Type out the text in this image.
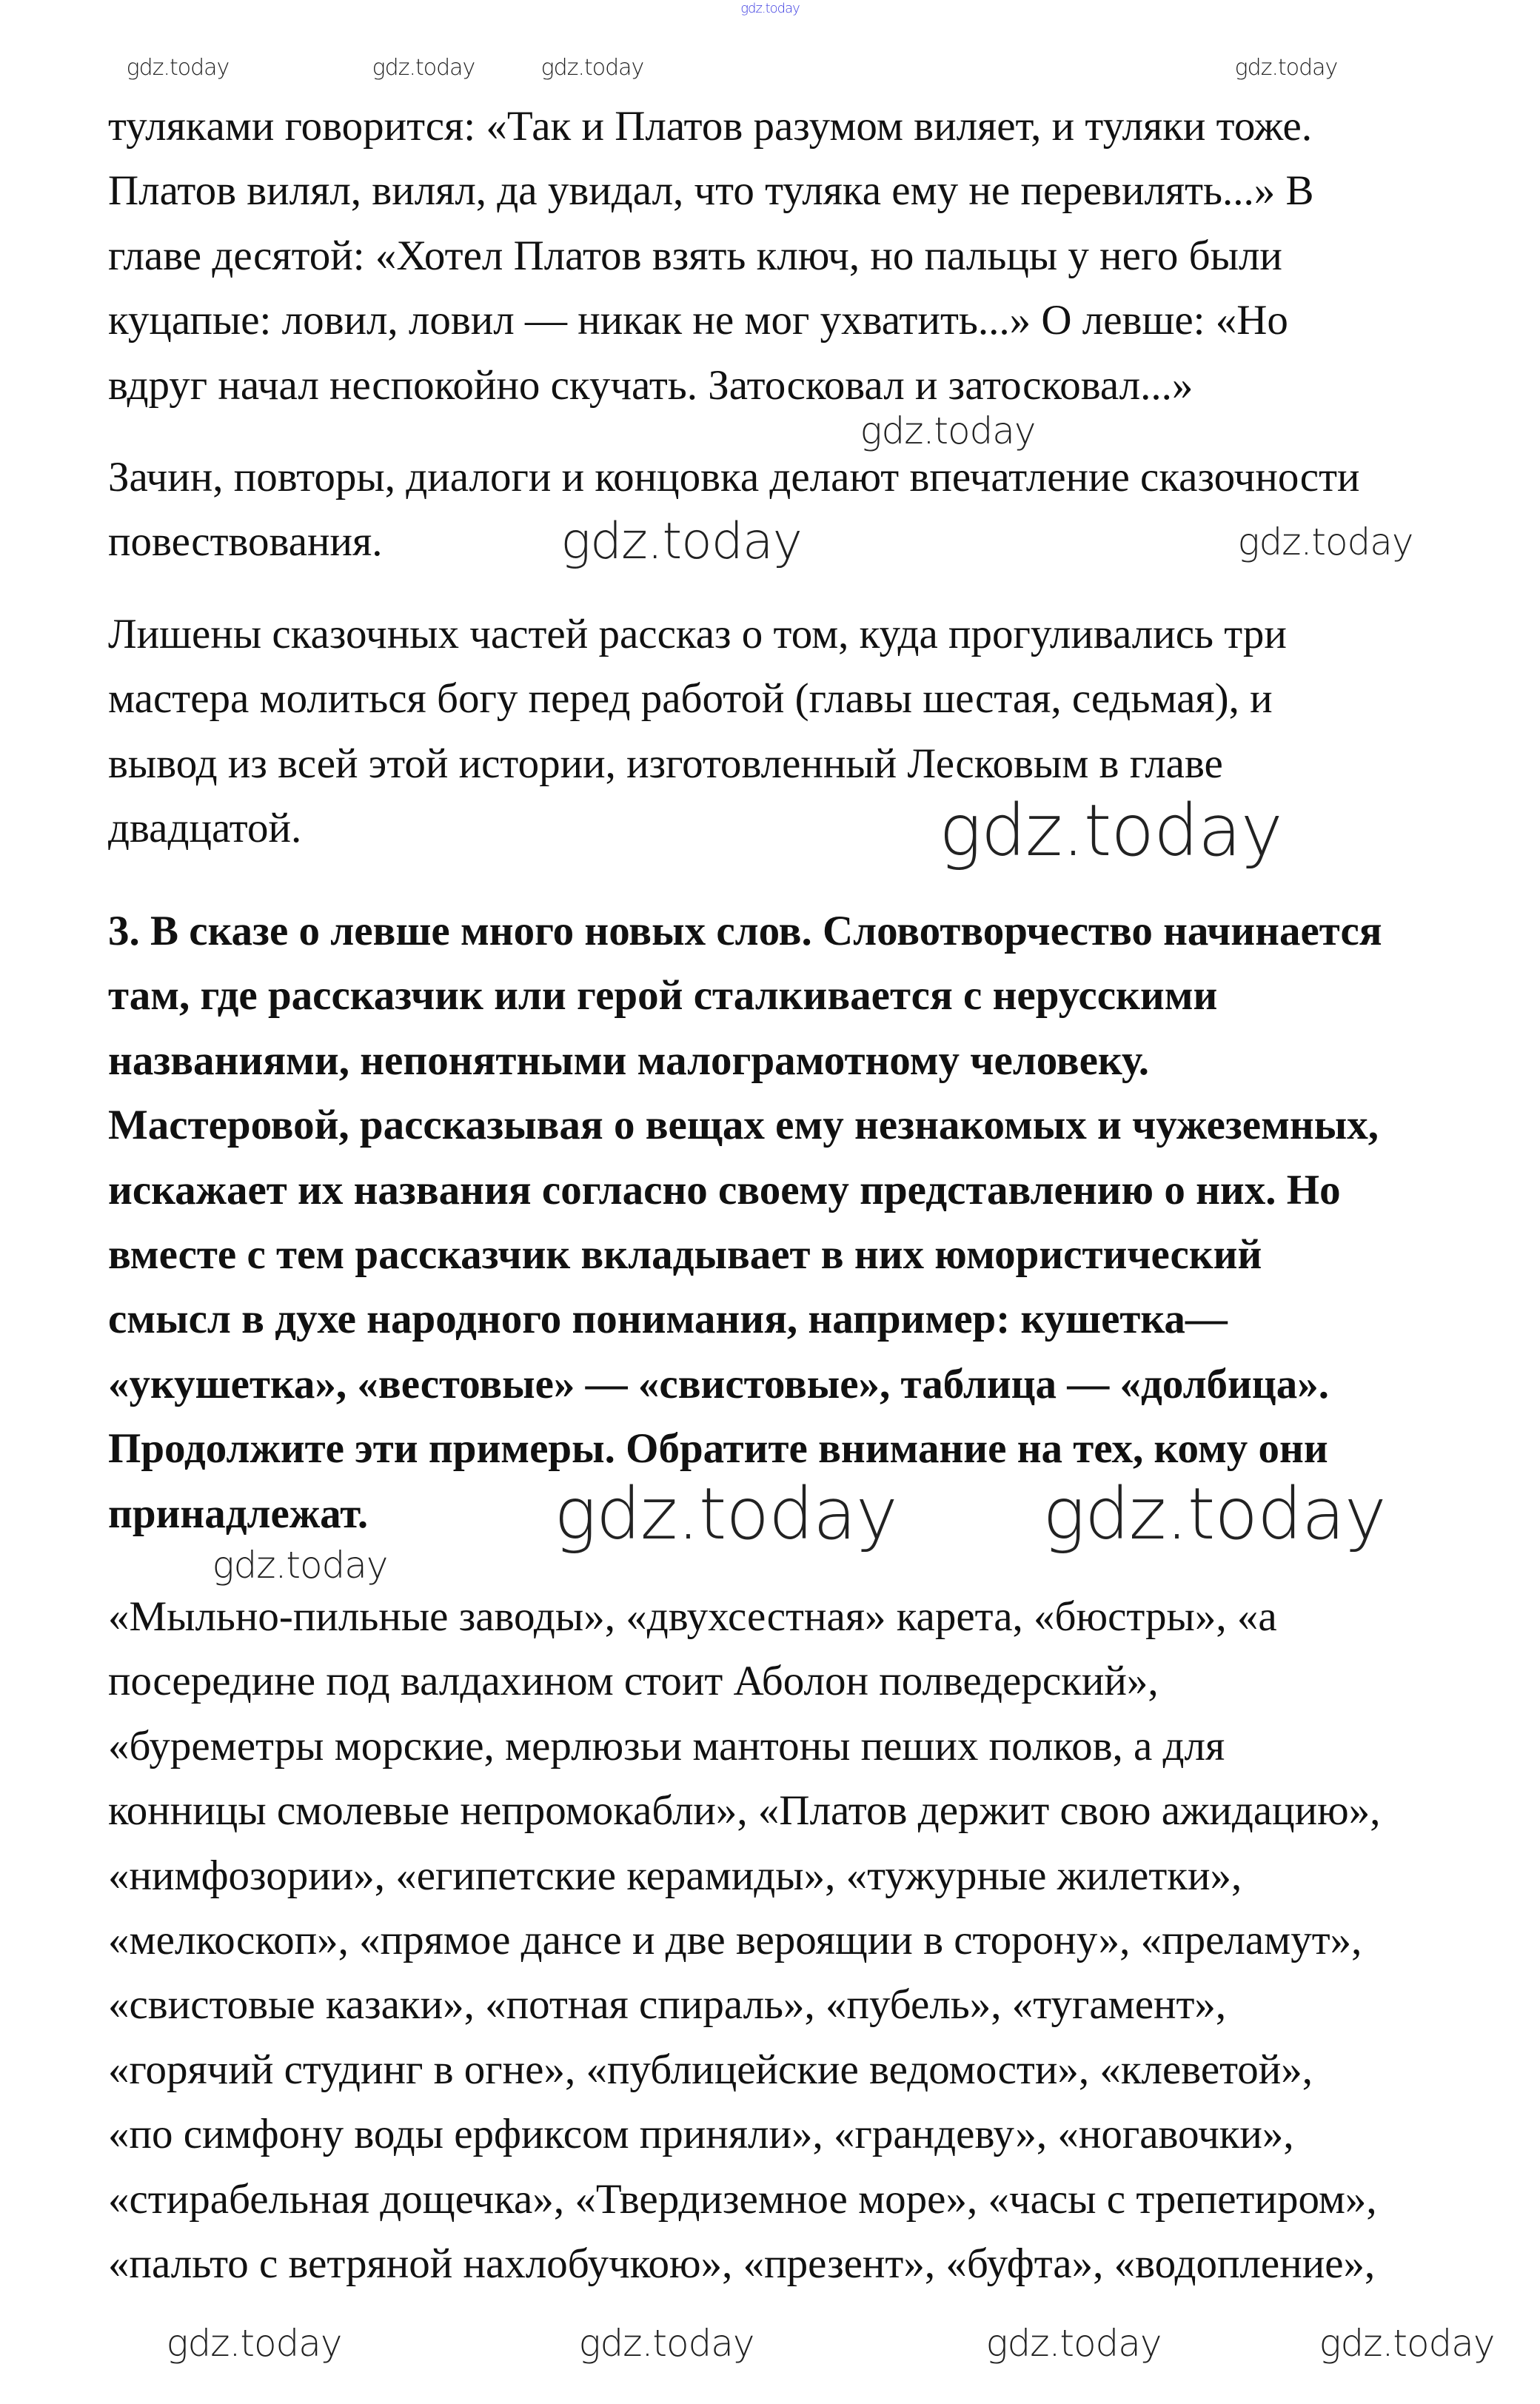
тулякaми говорится: «Так и Платов разумом виляет, и туляки тоже.
Платов вилял, вилял, да увидал, что туляка ему не перевилять...» В
главе десятой: «Хотел Платов взять ключ, но пальцы у него были
куцапые: ловил, ловил — никак не мог ухватить...» О левше: «Но
вдруг начал неспокойно скучать. Затосковал и затосковал...»
Зачин, повторы, диалоги и концовка делают впечатление сказочности
повествования.
Лишены сказочных частей рассказ о том, куда прогуливались три
мастера молиться богу перед работой (главы шестая, седьмая), и
вывод из всей этой истории, изготовленный Лесковым в главе
двадцатой.
3. В сказе о левше много новых слов. Словотворчество начинается
там, где рассказчик или герой сталкивается с нерусскими
названиями, непонятными малограмотному человеку.
Мастеровой, рассказывая о вещах ему незнакомых и чужеземных,
искажает их названия согласно своему представлению о них. Но
вместе с тем рассказчик вкладывает в них юмористический
смысл в духе народного понимания, например: кушетка—
«укушетка», «вестовые» — «свистовые», таблица — «долбица».
Продолжите эти примеры. Обратите внимание на тех, кому они
принадлежат.
«Мыльно-пильные заводы», «двухсестная» карета, «бюстры», «а
посередине под валдахином стоит Аболон полведерский»,
«буреметры морские, мерлюзьи мантоны пеших полков, а для
конницы смолевые непромокабли», «Платов держит свою ажидацию»,
«нимфозории», «египетские керамиды», «тужурные жилетки»,
«мелкоскоп», «прямое дансе и две вероящии в сторону», «преламут»,
«свистовые казаки», «потная спираль», «пубель», «тугамент»,
«горячий студинг в огне», «публицейские ведомости», «клеветой»,
«по симфону воды ерфиксом приняли», «грандеву», «ногавочки»,
«стирабельная дощечка», «Твердиземное море», «часы с трепетиром»,
«пальто с ветряной нахлобучкою», «презент», «буфта», «водопление»,
gdz.today
gdz.today	gdz.today	gdz.today	gdz.today
gdz.today
gdz.today
gdz.today
gdz.today
gdz.today gdz.today
gdz.today
gdz.today	gdz.today	gdz.today	gdz.today
